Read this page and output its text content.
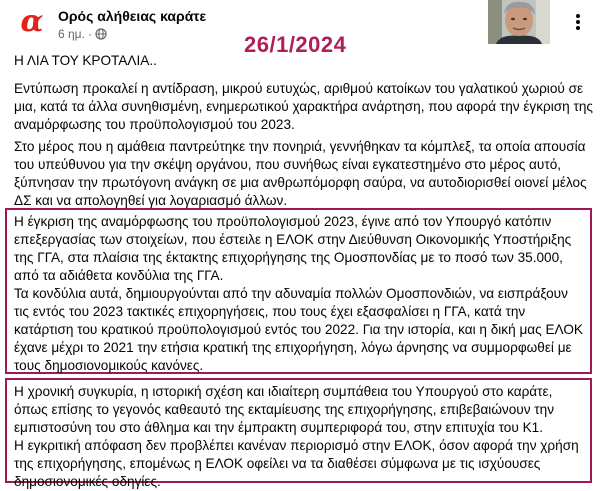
α Ορός αλήθειας καράτε
6 ημ. ·	26/1/2024

Η ΛΙΑ ΤΟΥ ΚΡΟΤΑΛΙΑ..

Εντύπωση προκαλεί η αντίδραση, μικρού ευτυχώς, αριθμού κατοίκων του γαλατικού χωριού σε μια, κατά τα άλλα συνηθισμένη, ενημερωτικού χαρακτήρα ανάρτηση, που αφορά την έγκριση της αναμόρφωσης του προϋπολογισμού του 2023.

Στο μέρος που η αμάθεια παντρεύτηκε την πονηριά, γεννήθηκαν τα κόμπλεξ, τα οποία απουσία του υπεύθυνου για την σκέψη οργάνου, που συνήθως είναι εγκατεστημένο στο μέρος αυτό, ξύπνησαν την πρωτόγονη ανάγκη σε μια ανθρωπόμορφη σαύρα, να αυτοδιορισθεί οιονεί μέλος ΔΣ και να απολογηθεί για λογαριασμό άλλων.

Η έγκριση της αναμόρφωσης του προϋπολογισμού 2023, έγινε από τον Υπουργό κατόπιν επεξεργασίας των στοιχείων, που έστειλε η ΕΛΟΚ στην Διεύθυνση Οικονομικής Υποστήριξης της ΓΓΑ, στα πλαίσια της έκτακτης επιχορήγησης της Ομοσπονδίας με το ποσό των 35.000, από τα αδιάθετα κονδύλια της ΓΓΑ.

Τα κονδύλια αυτά, δημιουργούνται από την αδυναμία πολλών Ομοσπονδιών, να εισπράξουν τις εντός του 2023 τακτικές επιχορηγήσεις, που τους έχει εξασφαλίσει η ΓΓΑ, κατά την κατάρτιση του κρατικού προϋπολογισμού εντός του 2022. Για την ιστορία, και η δική μας ΕΛΟΚ έχανε μέχρι το 2021 την ετήσια κρατική της επιχορήγηση, λόγω άρνησης να συμμορφωθεί με τους δημοσιονομικούς κανόνες.

Η χρονική συγκυρία, η ιστορική σχέση και ιδιαίτερη συμπάθεια του Υπουργού στο καράτε, όπως επίσης το γεγονός καθεαυτό της εκταμίευσης της επιχορήγησης, επιβεβαιώνουν την εμπιστοσύνη του στο άθλημα και την έμπρακτη συμπεριφορά του, στην επιτυχία του Κ1.

Η εγκριτική απόφαση δεν προβλέπει κανέναν περιορισμό στην ΕΛΟΚ, όσον αφορά την χρήση της επιχορήγησης, επομένως η ΕΛΟΚ οφείλει να τα διαθέσει σύμφωνα με τις ισχύουσες δημοσιονομικές οδηγίες.
